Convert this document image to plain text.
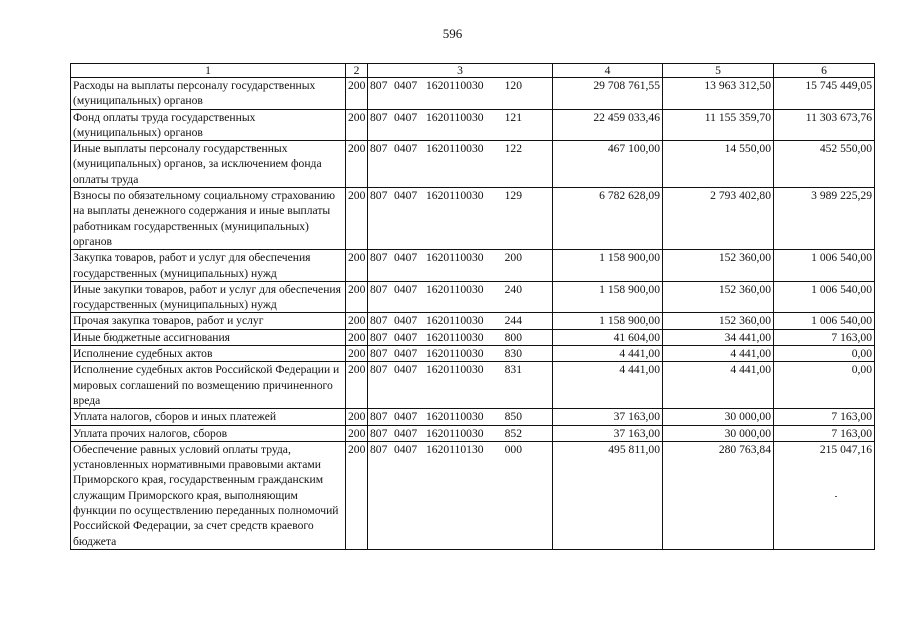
596
1	2	3	4	5	6
Расходы на выплаты персоналу государственных (муниципальных) органов	200	807 0407 1620110030 120	29 708 761,55	13 963 312,50	15 745 449,05
Фонд оплаты труда государственных (муниципальных) органов	200	807 0407 1620110030 121	22 459 033,46	11 155 359,70	11 303 673,76
Иные выплаты персоналу государственных (муниципальных) органов, за исключением фонда оплаты труда	200	807 0407 1620110030 122	467 100,00	14 550,00	452 550,00
Взносы по обязательному социальному страхованию на выплаты денежного содержания и иные выплаты работникам государственных (муниципальных) органов	200	807 0407 1620110030 129	6 782 628,09	2 793 402,80	3 989 225,29
Закупка товаров, работ и услуг для обеспечения государственных (муниципальных) нужд	200	807 0407 1620110030 200	1 158 900,00	152 360,00	1 006 540,00
Иные закупки товаров, работ и услуг для обеспечения государственных (муниципальных) нужд	200	807 0407 1620110030 240	1 158 900,00	152 360,00	1 006 540,00
Прочая закупка товаров, работ и услуг	200	807 0407 1620110030 244	1 158 900,00	152 360,00	1 006 540,00
Иные бюджетные ассигнования	200	807 0407 1620110030 800	41 604,00	34 441,00	7 163,00
Исполнение судебных актов	200	807 0407 1620110030 830	4 441,00	4 441,00	0,00
Исполнение судебных актов Российской Федерации и мировых соглашений по возмещению причиненного вреда	200	807 0407 1620110030 831	4 441,00	4 441,00	0,00
Уплата налогов, сборов и иных платежей	200	807 0407 1620110030 850	37 163,00	30 000,00	7 163,00
Уплата прочих налогов, сборов	200	807 0407 1620110030 852	37 163,00	30 000,00	7 163,00
Обеспечение равных условий оплаты труда, установленных нормативными правовыми актами Приморского края, государственным гражданским служащим Приморского края, выполняющим функции по осуществлению переданных полномочий Российской Федерации, за счет средств краевого бюджета	200	807 0407 1620110130 000	495 811,00	280 763,84	215 047,16
